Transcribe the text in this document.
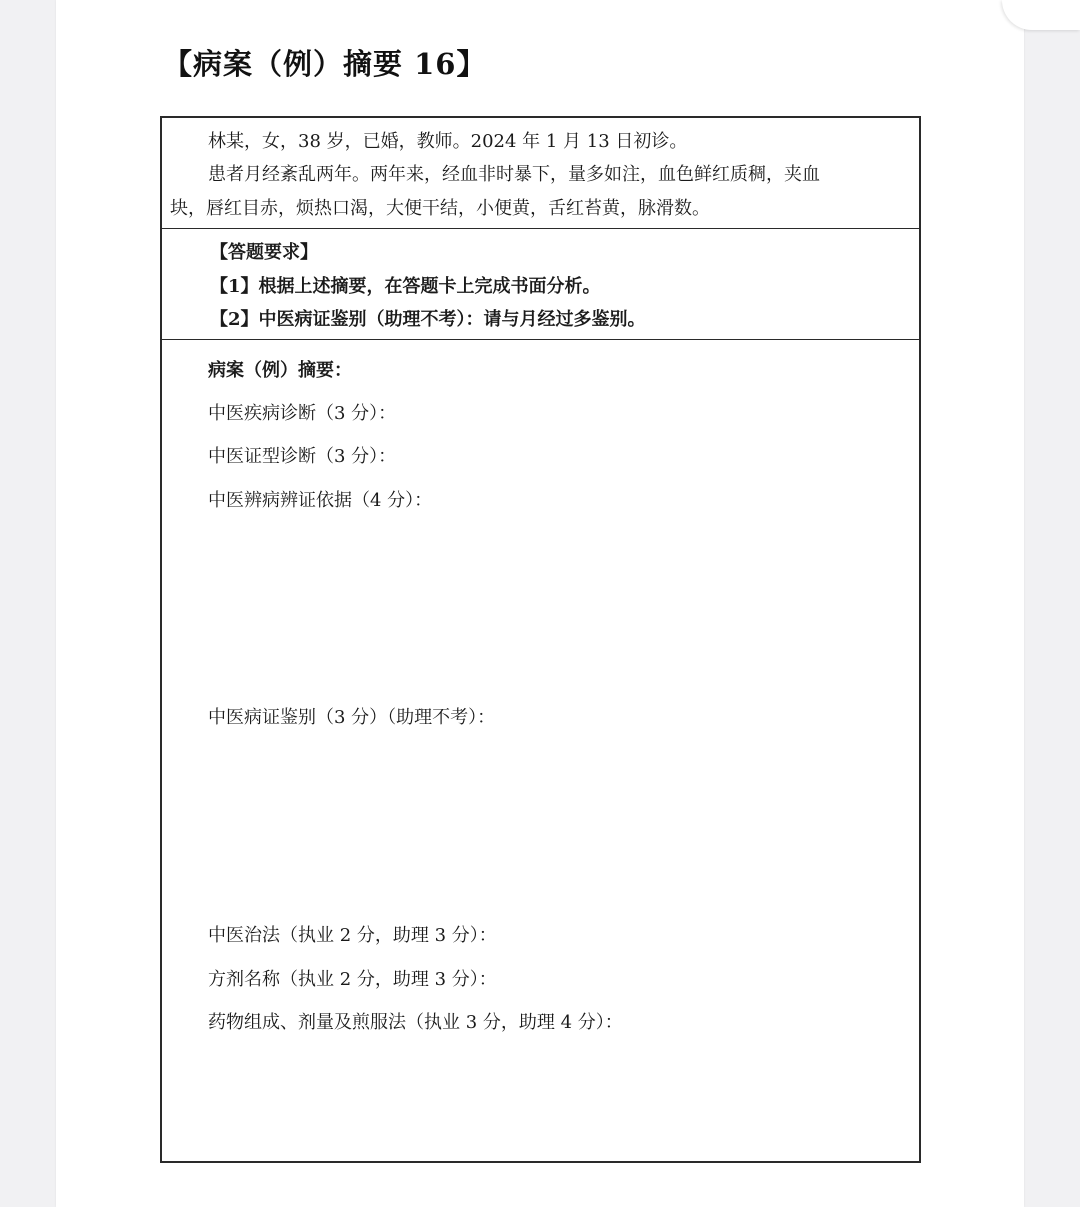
【病案（例）摘要 16】
林某，女，38 岁，已婚，教师。2024 年 1 月 13 日初诊。
患者月经紊乱两年。两年来，经血非时暴下，量多如注，血色鲜红质稠，夹血
块，唇红目赤，烦热口渴，大便干结，小便黄，舌红苔黄，脉滑数。
【答题要求】
【1】根据上述摘要，在答题卡上完成书面分析。
【2】中医病证鉴别（助理不考）：请与月经过多鉴别。
病案（例）摘要：
中医疾病诊断（3 分）：
中医证型诊断（3 分）：
中医辨病辨证依据（4 分）：
中医病证鉴别（3 分）（助理不考）：
中医治法（执业 2 分，助理 3 分）：
方剂名称（执业 2 分，助理 3 分）：
药物组成、剂量及煎服法（执业 3 分，助理 4 分）：
